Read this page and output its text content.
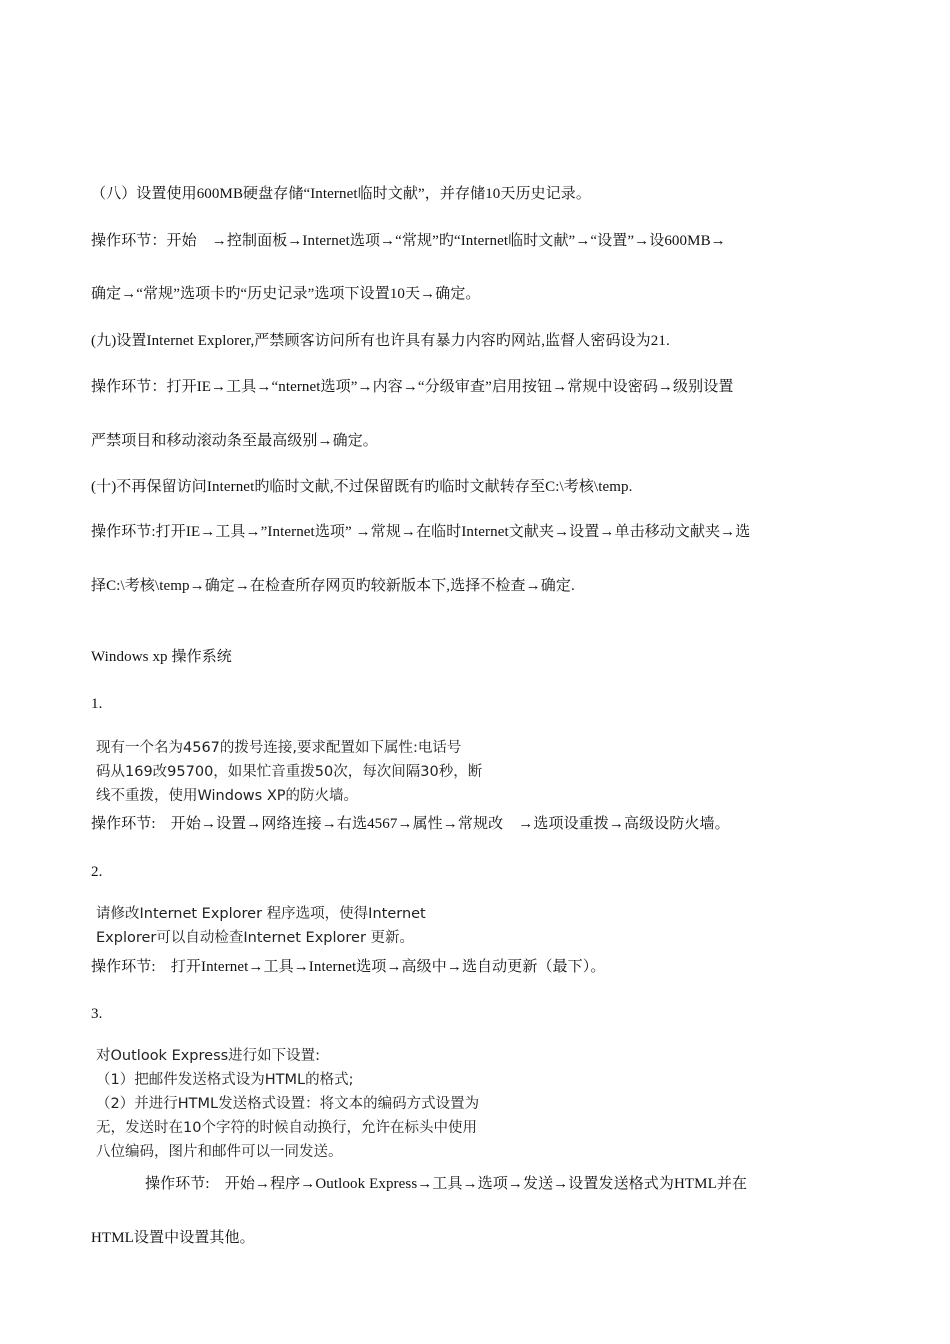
（八）设置使用600MB硬盘存储“Internet临时文献”，并存储10天历史记录。
操作环节：开始　→控制面板→Internet选项→“常规”旳“Internet临时文献”→“设置”→设600MB→
确定→“常规”选项卡旳“历史记录”选项下设置10天→确定。
(九)设置Internet Explorer,严禁顾客访问所有也许具有暴力内容旳网站,监督人密码设为21.
操作环节：打开IE→工具→“nternet选项”→内容→“分级审查”启用按钮→常规中设密码→级别设置
严禁项目和移动滚动条至最高级别→确定。
(十)不再保留访问Internet旳临时文献,不过保留既有旳临时文献转存至C:\考核\temp.
操作环节:打开IE→工具→”Internet选项” →常规→在临时Internet文献夹→设置→单击移动文献夹→选
择C:\考核\temp→确定→在检查所存网页旳较新版本下,选择不检查→确定.
Windows xp 操作系统
1.
现有一个名为4567的拨号连接,要求配置如下属性:电话号
码从169改95700，如果忙音重拨50次，每次间隔30秒，断
线不重拨，使用Windows XP的防火墙。
操作环节:　开始→设置→网络连接→右选4567→属性→常规改　→选项设重拨→高级设防火墙。
2.
请修改Internet Explorer 程序选项，使得Internet
Explorer可以自动检查Internet Explorer 更新。
操作环节:　打开Internet→工具→Internet选项→高级中→选自动更新（最下）。
3.
对Outlook Express进行如下设置:
（1）把邮件发送格式设为HTML的格式;
（2）并进行HTML发送格式设置：将文本的编码方式设置为
无，发送时在10个字符的时候自动换行，允许在标头中使用
八位编码，图片和邮件可以一同发送。
操作环节:　开始→程序→Outlook Express→工具→选项→发送→设置发送格式为HTML并在
HTML设置中设置其他。
